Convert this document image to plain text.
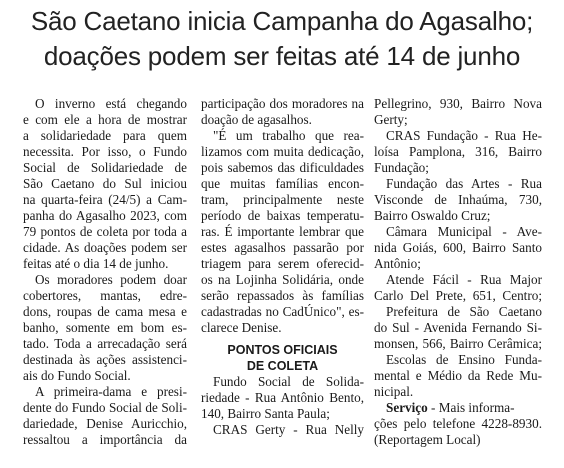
São Caetano inicia Campanha do Agasalho;
doações podem ser feitas até 14 de junho
O inverno está chegando
e com ele a hora de mostrar
a solidariedade para quem
necessita. Por isso, o Fundo
Social de Solidariedade de
São Caetano do Sul iniciou
na quarta-feira (24/5) a Cam-
panha do Agasalho 2023, com
79 pontos de coleta por toda a
cidade. As doações podem ser
feitas até o dia 14 de junho.
Os moradores podem doar
cobertores, mantas, edre-
dons, roupas de cama mesa e
banho, somente em bom es-
tado. Toda a arrecadação será
destinada às ações assistenci-
ais do Fundo Social.
A primeira-dama e presi-
dente do Fundo Social de Soli-
dariedade, Denise Auricchio,
ressaltou a importância da
participação dos moradores na
doação de agasalhos.
"É um trabalho que rea-
lizamos com muita dedicação,
pois sabemos das dificuldades
que muitas famílias encon-
tram, principalmente neste
período de baixas temperatu-
ras. É importante lembrar que
estes agasalhos passarão por
triagem para serem oferecid-
os na Lojinha Solidária, onde
serão repassados às famílias
cadastradas no CadÚnico", es-
clarece Denise.
PONTOS OFICIAIS
DE COLETA
Fundo Social de Solida-
riedade - Rua Antônio Bento,
140, Bairro Santa Paula;
CRAS Gerty - Rua Nelly
Pellegrino, 930, Bairro Nova
Gerty;
CRAS Fundação - Rua He-
loísa Pamplona, 316, Bairro
Fundação;
Fundação das Artes - Rua
Visconde de Inhaúma, 730,
Bairro Oswaldo Cruz;
Câmara Municipal - Ave-
nida Goiás, 600, Bairro Santo
Antônio;
Atende Fácil - Rua Major
Carlo Del Prete, 651, Centro;
Prefeitura de São Caetano
do Sul - Avenida Fernando Si-
monsen, 566, Bairro Cerâmica;
Escolas de Ensino Funda-
mental e Médio da Rede Mu-
nicipal.
Serviço - Mais informa-
ções pelo telefone 4228-8930.
(Reportagem Local)
